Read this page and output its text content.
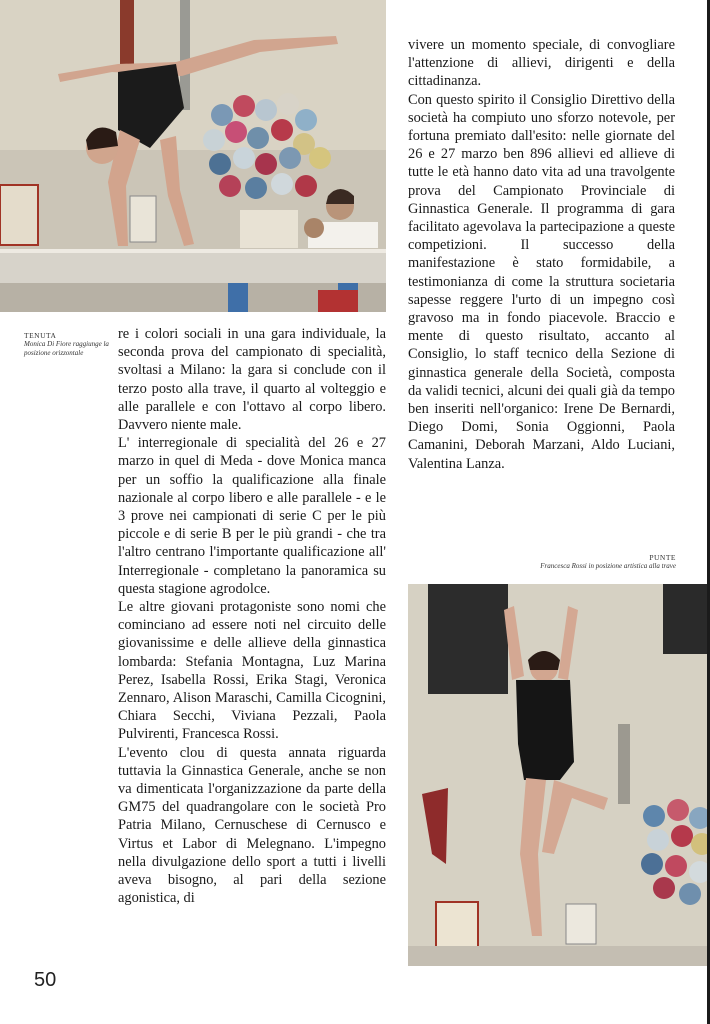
TENUTA
Monica Di Fiore raggiunge la posizione orizzontale

re i colori sociali in una gara individuale, la seconda prova del campionato di specialità, svoltasi a Milano: la gara si conclude con il terzo posto alla trave, il quarto al volteggio e alle parallele e con l'ottavo al corpo libero. Davvero niente male.

L' interregionale di specialità del 26 e 27 marzo in quel di Meda - dove Monica manca per un soffio la qualificazione alla finale nazionale al corpo libero e alle parallele - e le 3 prove nei campionati di serie C per le più piccole e di serie B per le più grandi - che tra l'altro centrano l'importante qualificazione all' Interregionale - completano la panoramica su questa stagione agrodolce.

Le altre giovani protagoniste sono nomi che cominciano ad essere noti nel circuito delle giovanissime e delle allieve della ginnastica lombarda: Stefania Montagna, Luz Marina Perez, Isabella Rossi, Erika Stagi, Veronica Zennaro, Alison Maraschi, Camilla Cicognini, Chiara Secchi, Viviana Pezzali, Paola Pulvirenti, Francesca Rossi.

L'evento clou di questa annata riguarda tuttavia la Ginnastica Generale, anche se non va dimenticata l'organizzazione da parte della GM75 del quadrangolare con le società Pro Patria Milano, Cernuschese di Cernusco e Virtus et Labor di Melegnano. L'impegno nella divulgazione dello sport a tutti i livelli aveva bisogno, al pari della sezione agonistica, di

vivere un momento speciale, di convogliare l'attenzione di allievi, dirigenti e della cittadinanza.

Con questo spirito il Consiglio Direttivo della società ha compiuto uno sforzo notevole, per fortuna premiato dall'esito: nelle giornate del 26 e 27 marzo ben 896 allievi ed allieve di tutte le età hanno dato vita ad una travolgente prova del Campionato Provinciale di Ginnastica Generale. Il programma di gara facilitato agevolava la partecipazione a queste competizioni. Il successo della manifestazione è stato formidabile, a testimonianza di come la struttura societaria sapesse reggere l'urto di un impegno così gravoso ma in fondo piacevole. Braccio e mente di questo risultato, accanto al Consiglio, lo staff tecnico della Sezione di ginnastica generale della Società, composta da validi tecnici, alcuni dei quali già da tempo ben inseriti nell'organico: Irene De Bernardi, Diego Domi, Sonia Oggionni, Paola Camanini, Deborah Marzani, Aldo Luciani, Valentina Lanza.

PUNTE
Francesca Rossi in posizione artistica alla trave
50
